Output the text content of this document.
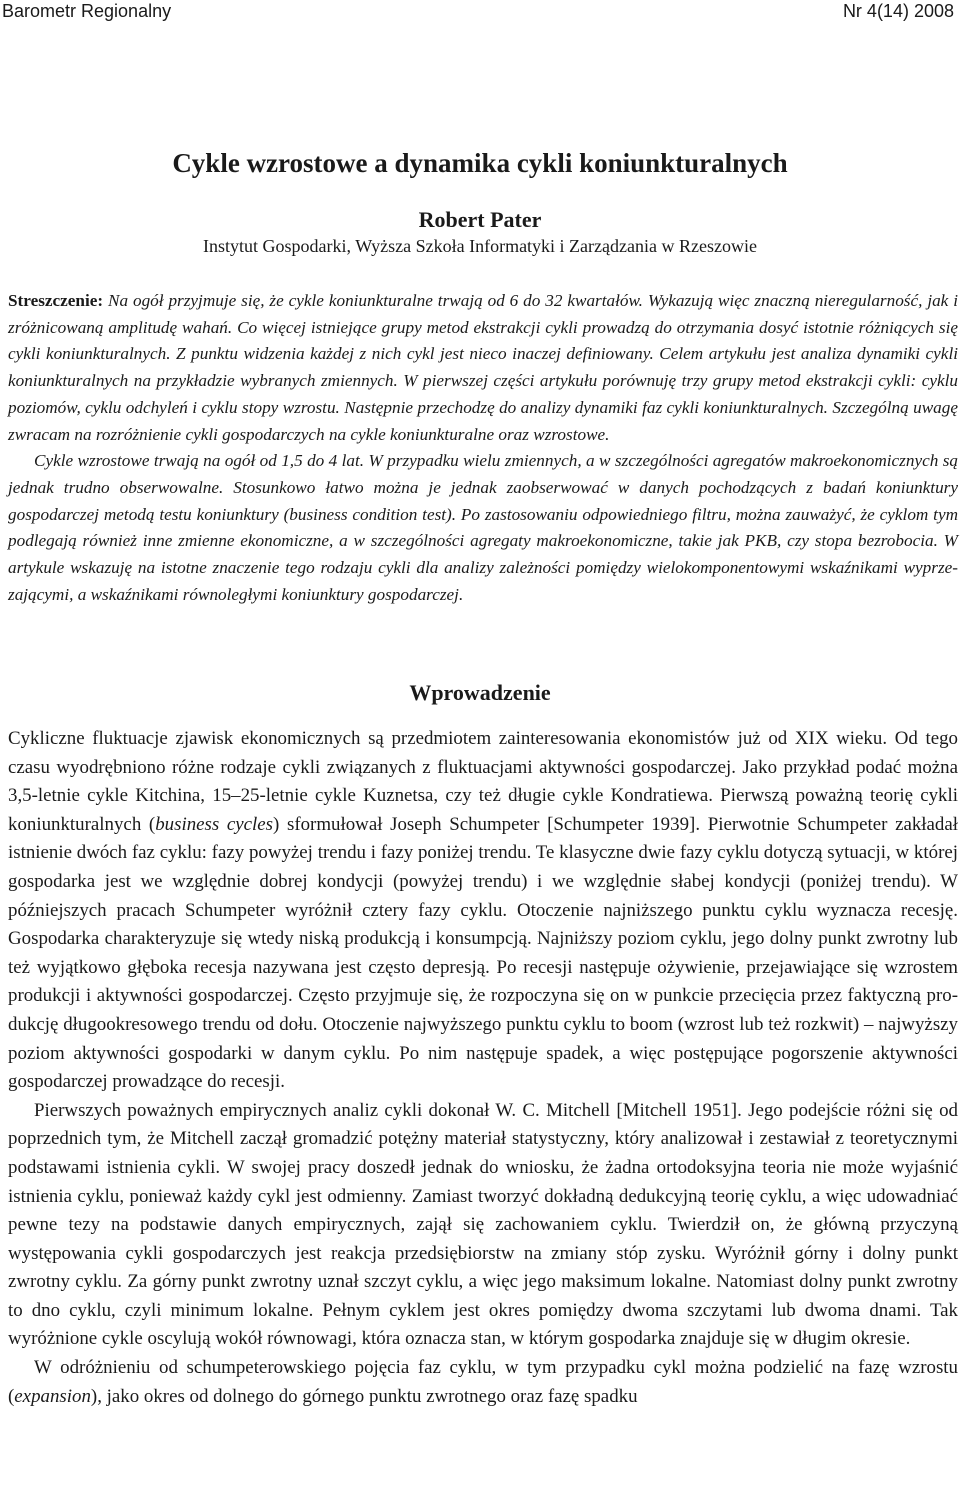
Barometr Regionalny	Nr 4(14) 2008
Cykle wzrostowe a dynamika cykli koniunkturalnych
Robert Pater
Instytut Gospodarki, Wyższa Szkoła Informatyki i Zarządzania w Rzeszowie

Streszczenie: Na ogół przyjmuje się, że cykle koniunkturalne trwają od 6 do 32 kwartałów. Wykazują więc znaczną nieregularność, jak i zróżnicowaną amplitudę wahań. Co więcej istniejące grupy metod ekstrakcji cykli prowadzą do otrzymania dosyć istotnie różniących się cykli koniunkturalnych. Z punktu widzenia każdej z nich cykl jest nieco inaczej definiowany. Celem artykułu jest analiza dynamiki cykli koniunkturalnych na przykładzie wybranych zmiennych. W pierwszej części artykułu porównuję trzy grupy metod ekstrakcji cykli: cyklu poziomów, cyklu odchyleń i cyklu stopy wzrostu. Następnie przechodzę do analizy dynamiki faz cykli koniunkturalnych. Szczególną uwagę zwracam na rozróżnienie cykli gospodarczych na cykle koniunkturalne oraz wzrostowe.

Cykle wzrostowe trwają na ogół od 1,5 do 4 lat. W przypadku wielu zmiennych, a w szczególności agregatów makroekonomicznych są jednak trudno obserwowalne. Stosunkowo łatwo można je jednak zaobserwować w danych pochodzących z badań koniunktury gospodarczej metodą testu koniunktury (business condition test). Po zastosowaniu odpowiedniego filtru, można zauważyć, że cyklom tym podlegają również inne zmienne ekonomiczne, a w szczególności agregaty makroekonomiczne, takie jak PKB, czy stopa bezrobocia. W artykule wskazuję na istotne znaczenie tego rodzaju cykli dla analizy zależności pomiędzy wielokomponentowymi wskaźnikami wyprzezającymi, a wskaźnikami równoległymi koniunktury gospodarczej.

Wprowadzenie

Cykliczne fluktuacje zjawisk ekonomicznych są przedmiotem zainteresowania ekonomistów już od XIX wieku. Od tego czasu wyodrębniono różne rodzaje cykli związanych z fluktuacjami aktywności gospodarczej. Jako przykład podać można 3,5-letnie cykle Kitchina, 15–25-letnie cykle Kuznetsa, czy też długie cykle Kondratiewa. Pierwszą poważną teorię cykli koniunkturalnych (business cycles) sformułował Joseph Schumpeter [Schumpeter 1939]. Pierwotnie Schumpeter zakładał istnienie dwóch faz cyklu: fazy powyżej trendu i fazy poniżej trendu. Te klasyczne dwie fazy cyklu dotyczą sytuacji, w której gospodarka jest we względnie dobrej kondycji (powyżej trendu) i we względnie słabej kondycji (poniżej trendu). W późniejszych pracach Schumpeter wyróżnił cztery fazy cyklu. Otoczenie najniższego punktu cyklu wyznacza recesję. Gospodarka charakteryzuje się wtedy niską produkcją i konsumpcją. Najniższy poziom cyklu, jego dolny punkt zwrotny lub też wyjątkowo głęboka recesja nazywana jest często depresją. Po recesji następuje ożywienie, przejawiające się wzrostem produkcji i aktywności gospodarczej. Często przyjmuje się, że rozpoczyna się on w punkcie przecięcia przez faktyczną produkcję długookresowego trendu od dołu. Otoczenie najwyższego punktu cyklu to boom (wzrost lub też rozkwit) – najwyższy poziom aktywności gospodarki w danym cyklu. Po nim następuje spadek, a więc postępujące pogorszenie aktywności gospodarczej prowadzące do recesji.

Pierwszych poważnych empirycznych analiz cykli dokonał W. C. Mitchell [Mitchell 1951]. Jego podejście różni się od poprzednich tym, że Mitchell zaczął gromadzić potężny materiał statystyczny, który analizował i zestawiał z teoretycznymi podstawami istnienia cykli. W swojej pracy doszedł jednak do wniosku, że żadna ortodoksyjna teoria nie może wyjaśnić istnienia cyklu, ponieważ każdy cykl jest odmienny. Zamiast tworzyć dokładną dedukcyjną teorię cyklu, a więc udowadniać pewne tezy na podstawie danych empirycznych, zajął się zachowaniem cyklu. Twierdził on, że główną przyczyną występowania cykli gospodarczych jest reakcja przedsiębiorstw na zmiany stóp zysku. Wyróżnił górny i dolny punkt zwrotny cyklu. Za górny punkt zwrotny uznał szczyt cyklu, a więc jego maksimum lokalne. Natomiast dolny punkt zwrotny to dno cyklu, czyli minimum lokalne. Pełnym cyklem jest okres pomiędzy dwoma szczytami lub dwoma dnami. Tak wyróżnione cykle oscylują wokół równowagi, która oznacza stan, w którym gospodarka znajduje się w długim okresie.

W odróżnieniu od schumpeterowskiego pojęcia faz cyklu, w tym przypadku cykl można podzielić na fazę wzrostu (expansion), jako okres od dolnego do górnego punktu zwrotnego oraz fazę spadku
